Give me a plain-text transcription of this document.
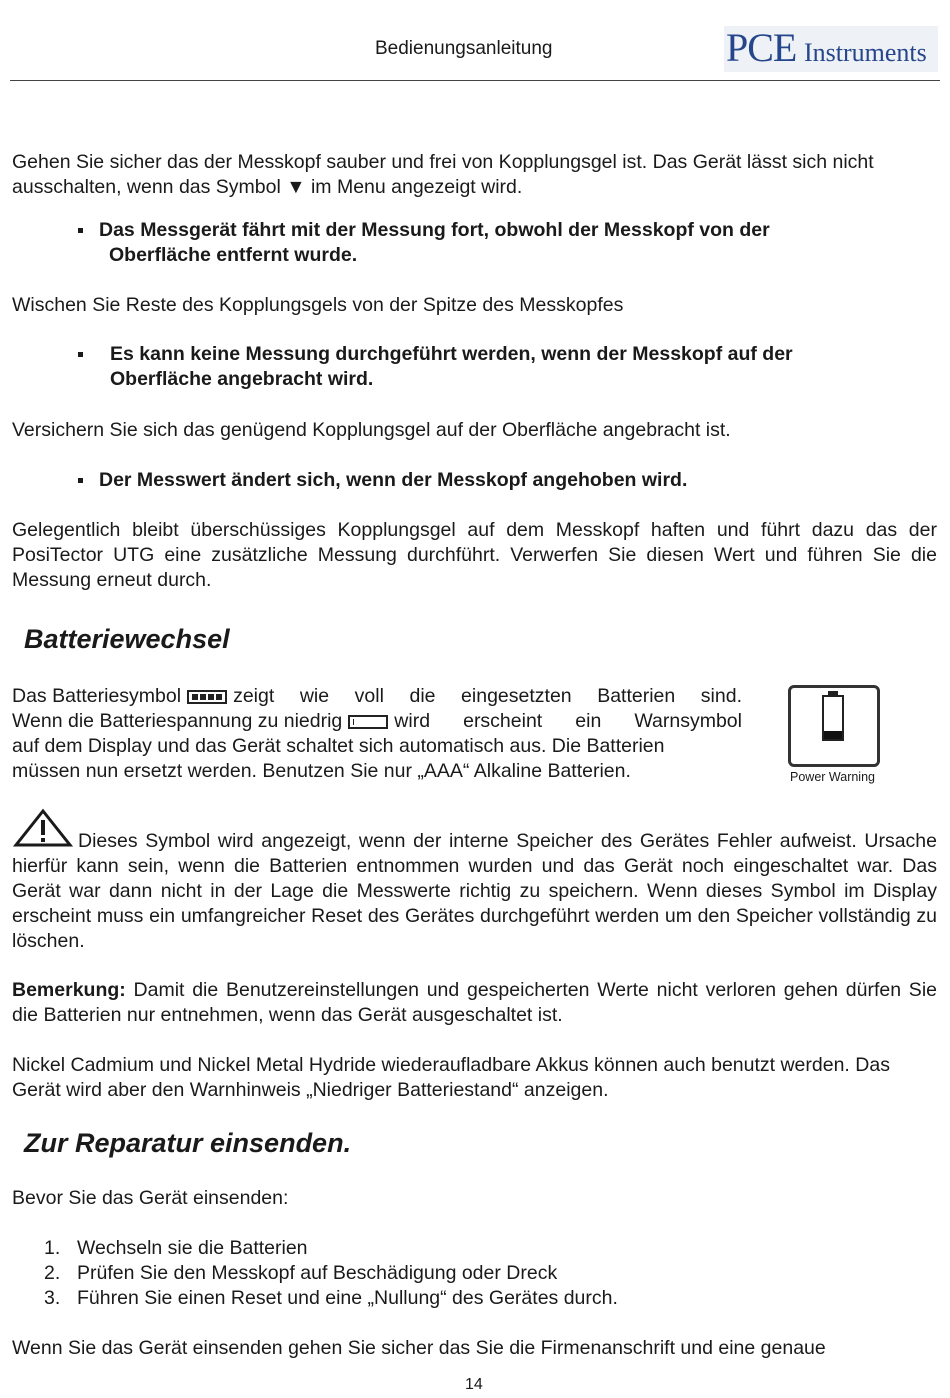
Bedienungsanleitung	PCE Instruments

Gehen Sie sicher das der Messkopf sauber und frei von Kopplungsgel ist. Das Gerät lässt sich nicht ausschalten, wenn das Symbol ▼ im Menu angezeigt wird.

Das Messgerät fährt mit der Messung fort, obwohl der Messkopf von der
Oberfläche entfernt wurde.

Wischen Sie Reste des Kopplungsgels von der Spitze des Messkopfes

Es kann keine Messung durchgeführt werden, wenn der Messkopf auf der
Oberfläche angebracht wird.

Versichern Sie sich das genügend Kopplungsgel auf der Oberfläche angebracht ist.

Der Messwert ändert sich, wenn der Messkopf angehoben wird.

Gelegentlich bleibt überschüssiges Kopplungsgel auf dem Messkopf haften und führt dazu das der PosiTector UTG eine zusätzliche Messung durchführt. Verwerfen Sie diesen Wert und führen Sie die Messung erneut durch.

Batteriewechsel
Das Batteriesymbol	zeigt wie voll die eingesetzten Batterien sind.
Wenn die Batteriespannung zu niedrig	wird erscheint ein Warnsymbol
auf dem Display und das Gerät schaltet sich automatisch aus. Die Batterien
müssen nun ersetzt werden. Benutzen Sie nur „AAA“ Alkaline Batterien.	Power Warning

Dieses Symbol wird angezeigt, wenn der interne Speicher des Gerätes Fehler aufweist. Ursache hierfür kann sein, wenn die Batterien entnommen wurden und das Gerät noch eingeschaltet war. Das Gerät war dann nicht in der Lage die Messwerte richtig zu speichern. Wenn dieses Symbol im Display erscheint muss ein umfangreicher Reset des Gerätes durchgeführt werden um den Speicher vollständig zu löschen.

Bemerkung: Damit die Benutzereinstellungen und gespeicherten Werte nicht verloren gehen dürfen Sie die Batterien nur entnehmen, wenn das Gerät ausgeschaltet ist.

Nickel Cadmium und Nickel Metal Hydride wiederaufladbare Akkus können auch benutzt werden. Das Gerät wird aber den Warnhinweis „Niedriger Batteriestand“ anzeigen.

Zur Reparatur einsenden.

Bevor Sie das Gerät einsenden:

1. Wechseln sie die Batterien
2. Prüfen Sie den Messkopf auf Beschädigung oder Dreck
3. Führen Sie einen Reset und eine „Nullung“ des Gerätes durch.

Wenn Sie das Gerät einsenden gehen Sie sicher das Sie die Firmenanschrift und eine genaue

14
